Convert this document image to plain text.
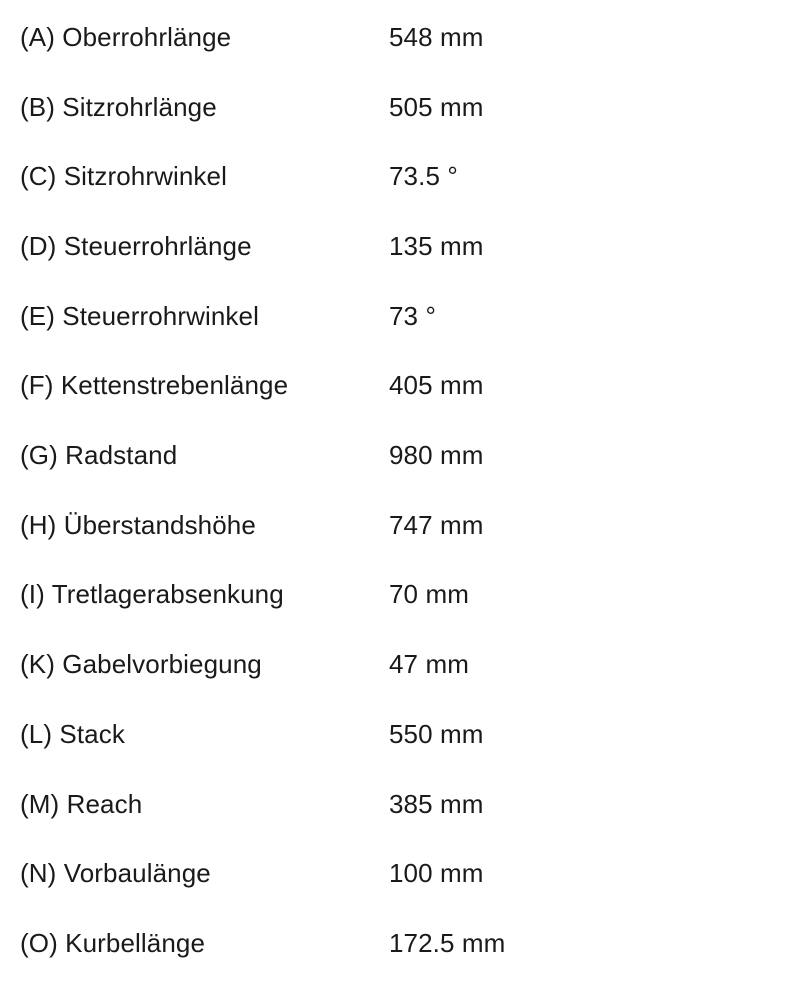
(A) Oberrohrlänge	548 mm
(B) Sitzrohrlänge	505 mm
(C) Sitzrohrwinkel	73.5 °
(D) Steuerrohrlänge	135 mm
(E) Steuerrohrwinkel	73 °
(F) Kettenstrebenlänge	405 mm
(G) Radstand	980 mm
(H) Überstandshöhe	747 mm
(I) Tretlagerabsenkung	70 mm
(K) Gabelvorbiegung	47 mm
(L) Stack	550 mm
(M) Reach	385 mm
(N) Vorbaulänge	100 mm
(O) Kurbellänge	172.5 mm
